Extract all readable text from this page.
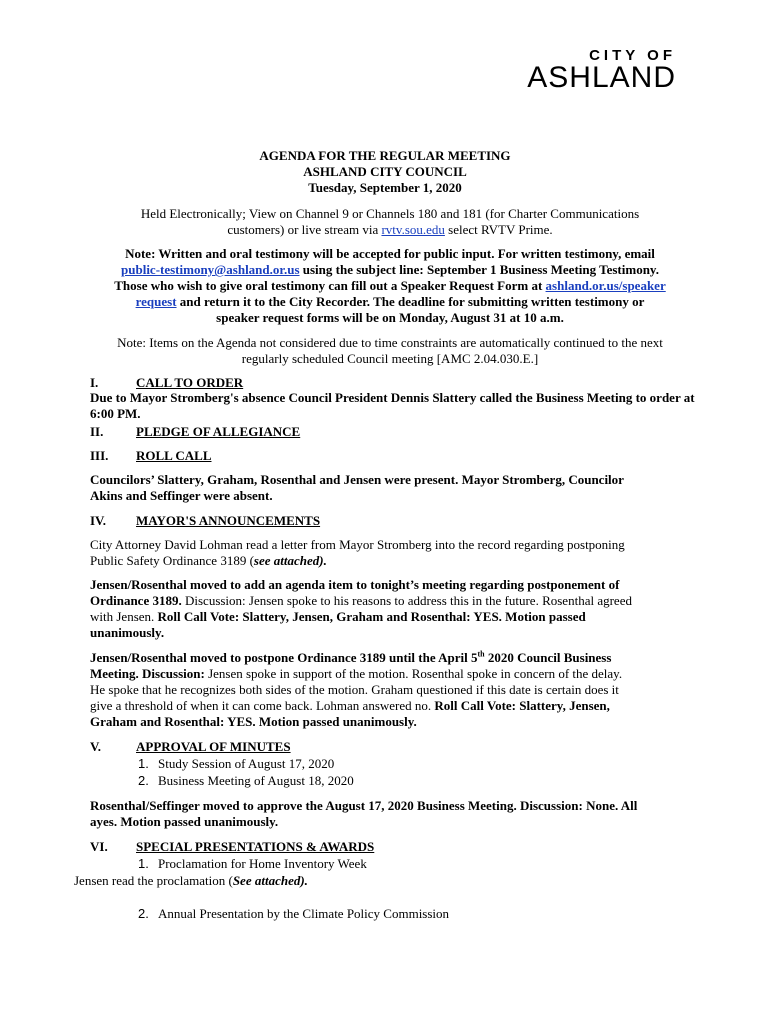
CITY OF
ASHLAND

AGENDA FOR THE REGULAR MEETING

ASHLAND CITY COUNCIL

Tuesday, September 1, 2020

Held Electronically; View on Channel 9 or Channels 180 and 181 (for Charter Communications

customers) or live stream via rvtv.sou.edu select RVTV Prime.

Note: Written and oral testimony will be accepted for public input. For written testimony, email

public-testimony@ashland.or.us using the subject line: September 1 Business Meeting Testimony.

Those who wish to give oral testimony can fill out a Speaker Request Form at ashland.or.us/speaker

request and return it to the City Recorder. The deadline for submitting written testimony or

speaker request forms will be on Monday, August 31 at 10 a.m.

Note: Items on the Agenda not considered due to time constraints are automatically continued to the next

regularly scheduled Council meeting [AMC 2.04.030.E.]

I.	CALL TO ORDER

Due to Mayor Stromberg's absence Council President Dennis Slattery called the Business Meeting to order at

6:00 PM.

II.	PLEDGE OF ALLEGIANCE
III. ROLL CALL

Councilors’ Slattery, Graham, Rosenthal and Jensen were present. Mayor Stromberg, Councilor

Akins and Seffinger were absent.

IV. MAYOR'S ANNOUNCEMENTS

City Attorney David Lohman read a letter from Mayor Stromberg into the record regarding postponing

Public Safety Ordinance 3189 (see attached).

Jensen/Rosenthal moved to add an agenda item to tonight’s meeting regarding postponement of

Ordinance 3189. Discussion: Jensen spoke to his reasons to address this in the future. Rosenthal agreed

with Jensen. Roll Call Vote: Slattery, Jensen, Graham and Rosenthal: YES. Motion passed

unanimously.

Jensen/Rosenthal moved to postpone Ordinance 3189 until the April 5th 2020 Council Business

Meeting. Discussion: Jensen spoke in support of the motion. Rosenthal spoke in concern of the delay.

He spoke that he recognizes both sides of the motion. Graham questioned if this date is certain does it

give a threshold of when it can come back. Lohman answered no. Roll Call Vote: Slattery, Jensen,

Graham and Rosenthal: YES. Motion passed unanimously.

V.	APPROVAL OF MINUTES
1. Study Session of August 17, 2020
2. Business Meeting of August 18, 2020

Rosenthal/Seffinger moved to approve the August 17, 2020 Business Meeting. Discussion: None. All

ayes. Motion passed unanimously.

VI. SPECIAL PRESENTATIONS & AWARDS
1. Proclamation for Home Inventory Week
Jensen read the proclamation (See attached).
2. Annual Presentation by the Climate Policy Commission
